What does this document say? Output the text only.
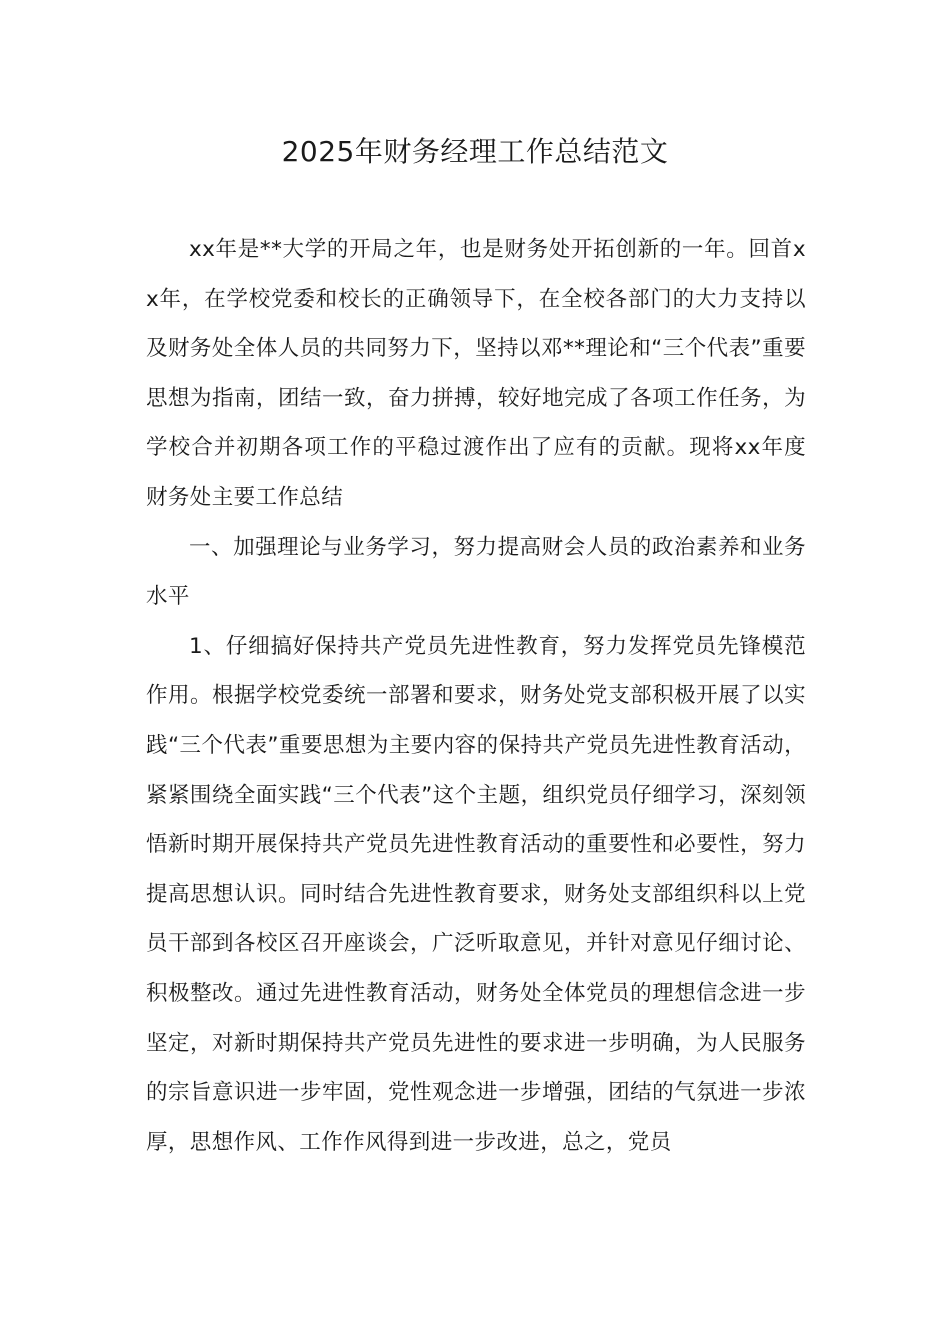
2025年财务经理工作总结范文

xx年是**大学的开局之年，也是财务处开拓创新的一年。回首xx年，在学校党委和校长的正确领导下，在全校各部门的大力支持以及财务处全体人员的共同努力下，坚持以邓**理论和“三个代表”重要思想为指南，团结一致，奋力拼搏，较好地完成了各项工作任务，为学校合并初期各项工作的平稳过渡作出了应有的贡献。现将xx年度财务处主要工作总结

一、加强理论与业务学习，努力提高财会人员的政治素养和业务水平

1、仔细搞好保持共产党员先进性教育，努力发挥党员先锋模范作用。根据学校党委统一部署和要求，财务处党支部积极开展了以实践“三个代表”重要思想为主要内容的保持共产党员先进性教育活动，紧紧围绕全面实践“三个代表”这个主题，组织党员仔细学习，深刻领悟新时期开展保持共产党员先进性教育活动的重要性和必要性，努力提高思想认识。同时结合先进性教育要求，财务处支部组织科以上党员干部到各校区召开座谈会，广泛听取意见，并针对意见仔细讨论、积极整改。通过先进性教育活动，财务处全体党员的理想信念进一步坚定，对新时期保持共产党员先进性的要求进一步明确，为人民服务的宗旨意识进一步牢固，党性观念进一步增强，团结的气氛进一步浓厚，思想作风、工作作风得到进一步改进，总之，党员
